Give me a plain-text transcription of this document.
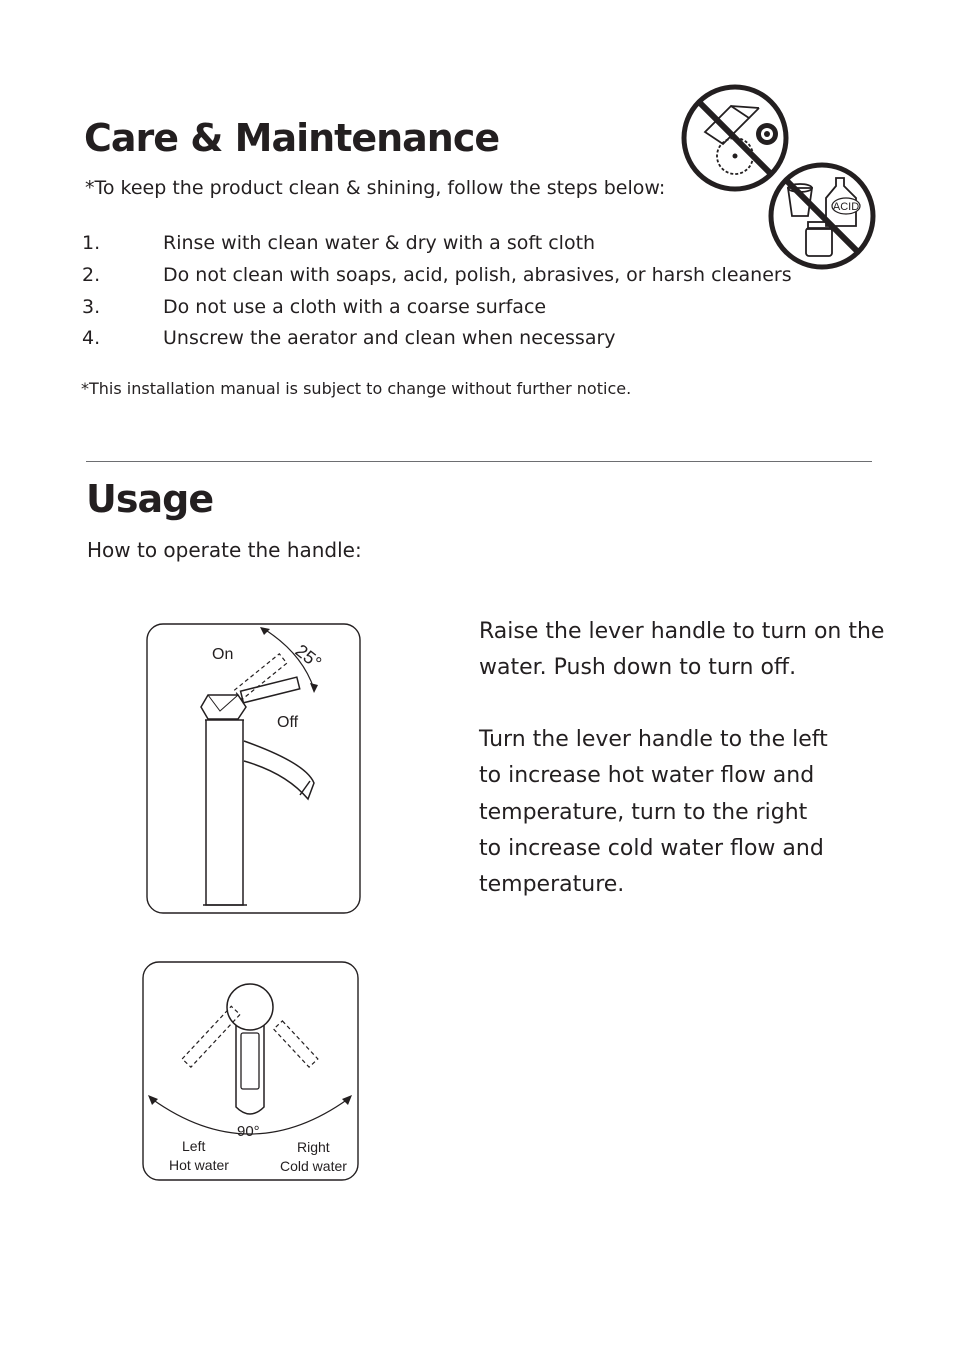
Care & Maintenance
*To keep the product clean & shining, follow the steps below:
1.	Rinse with clean water & dry with a soft cloth
2.	Do not clean with soaps, acid, polish, abrasives, or harsh cleaners
3.	Do not use a cloth with a coarse surface
4.	Unscrew the aerator and clean when necessary
*This installation manual is subject to change without further notice.
ACID
Usage
How to operate the handle:
On
Off
25°
90°
Left
Hot water
Right
Cold water

Raise the lever handle to turn on the
water. Push down to turn off.

Turn the lever handle to the left
to increase hot water flow and
temperature, turn to the right
to increase cold water flow and
temperature.
